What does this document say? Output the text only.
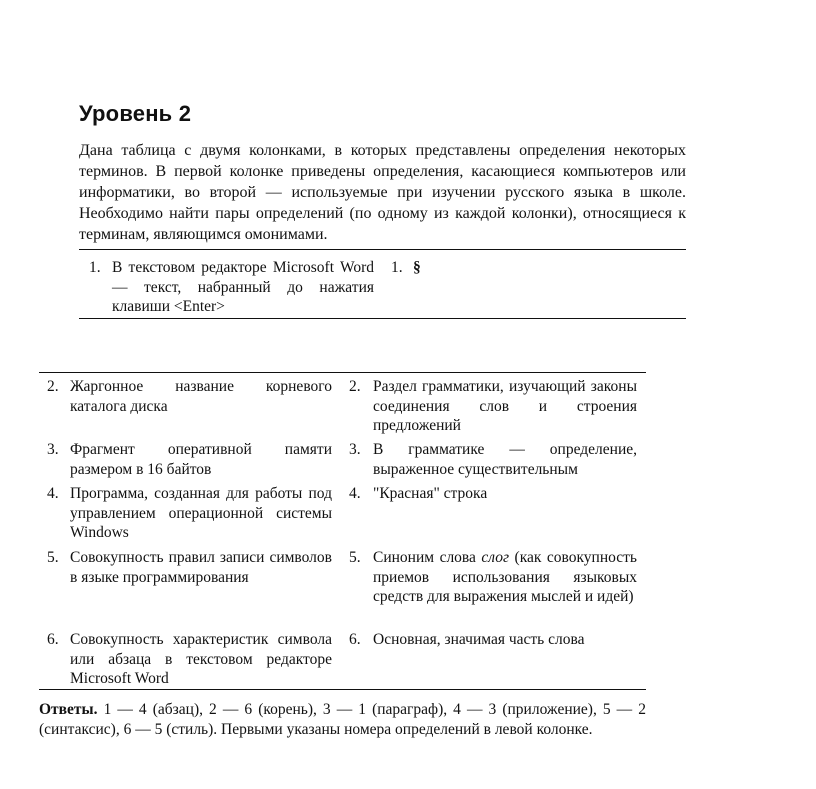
Уровень 2
Дана таблица с двумя колонками, в которых представлены определения некоторых терминов. В первой колонке приведены определения, касающиеся компьютеров или информатики, во второй — используемые при изучении русского языка в школе. Необходимо найти пары определений (по одному из каждой колонки), относящиеся к терминам, являющимся омонимами.
1. В текстовом редакторе Microsoft Word — текст, набранный до нажатия клавиши <Enter>
1. §
2. Жаргонное название корневого каталога диска
2. Раздел грамматики, изучающий законы соединения слов и строения предложений
3. Фрагмент оперативной памяти размером в 16 байтов
3. В грамматике — определение, выраженное существительным
4. Программа, созданная для работы под управлением операционной системы Windows
4. "Красная" строка
5. Совокупность правил записи символов в языке программирования
5. Синоним слова слог (как совокупность приемов использования языковых средств для выражения мыслей и идей)
6. Совокупность характеристик символа или абзаца в текстовом редакторе Microsoft Word
6. Основная, значимая часть слова
Ответы. 1 — 4 (абзац), 2 — 6 (корень), 3 — 1 (параграф), 4 — 3 (приложение), 5 — 2 (синтаксис), 6 — 5 (стиль). Первыми указаны номера определений в левой колонке.
